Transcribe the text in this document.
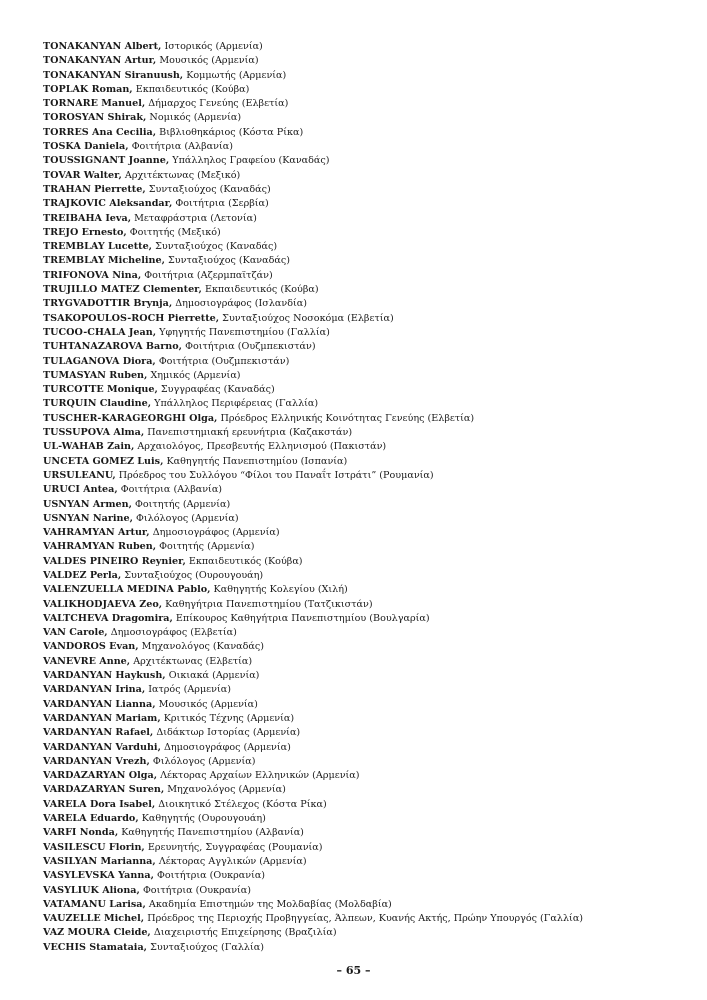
TONAKANYAN Albert, Ιστορικός (Αρμενία)
TONAKANYAN Artur, Μουσικός (Αρμενία)
TONAKANYAN Siranuush, Κομμωτής (Αρμενία)
TOPLAK Roman, Εκπαιδευτικός (Κούβα)
TORNARE Manuel, Δήμαρχος Γενεύης (Ελβετία)
TOROSYAN Shirak, Νομικός (Αρμενία)
TORRES Ana Cecilia, Βιβλιοθηκάριος (Κόστα Ρίκα)
TOSKA Daniela, Φοιτήτρια (Αλβανία)
TOUSSIGNANT Joanne, Υπάλληλος Γραφείου (Καναδάς)
TOVAR Walter, Αρχιτέκτωνας (Μεξικό)
TRAHAN Pierrette, Συνταξιούχος (Καναδάς)
TRAJKOVIC Aleksandar, Φοιτήτρια (Σερβία)
TREIBAHA Ieva, Μεταφράστρια (Λετονία)
TREJO Ernesto, Φοιτητής (Μεξικό)
TREMBLAY Lucette, Συνταξιούχος (Καναδάς)
TREMBLAY Micheline, Συνταξιούχος (Καναδάς)
TRIFONOVA Nina, Φοιτήτρια (Αζερμπαϊτζάν)
TRUJILLO MATEZ Clementer, Εκπαιδευτικός (Κούβα)
TRYGVADOTTIR Brynja, Δημοσιογράφος (Ισλανδία)
TSAKOPOULOS-ROCH Pierrette, Συνταξιούχος Νοσοκόμα (Ελβετία)
TUCOO-CHALA Jean, Υφηγητής Πανεπιστημίου (Γαλλία)
TUHTANAZAROVA Barno, Φοιτήτρια (Ουζμπεκιστάν)
TULAGANOVA Diora, Φοιτήτρια (Ουζμπεκιστάν)
TUMASYAN Ruben, Χημικός (Αρμενία)
TURCOTTE Monique, Συγγραφέας (Καναδάς)
TURQUIN Claudine, Υπάλληλος Περιφέρειας (Γαλλία)
TUSCHER-KARAGEORGHI Olga, Πρόεδρος Ελληνικής Κοινότητας Γενεύης (Ελβετία)
TUSSUPOVA Alma, Πανεπιστημιακή ερευνήτρια (Καζακστάν)
UL-WAHAB Zain, Αρχαιολόγος, Πρεσβευτής Ελληνισμού (Πακιστάν)
UNCETA GOMEZ Luis, Καθηγητής Πανεπιστημίου (Ισπανία)
URSULEANU, Πρόεδρος του Συλλόγου “Φίλοι του Παναΐτ Ιστράτι” (Ρουμανία)
URUCI Antea, Φοιτήτρια (Αλβανία)
USNYAN Armen, Φοιτητής (Αρμενία)
USNYAN Narine, Φιλόλογος (Αρμενία)
VAHRAMYAN Artur, Δημοσιογράφος (Αρμενία)
VAHRAMYAN Ruben, Φοιτητής (Αρμενία)
VALDES PINEIRO Reynier, Εκπαιδευτικός (Κούβα)
VALDEZ Perla, Συνταξιούχος (Ουρουγουάη)
VALENZUELLA MEDINA Pablo, Καθηγητής Κολεγίου (Χιλή)
VALIKHODJAEVA Zeo, Καθηγήτρια Πανεπιστημίου (Τατζικιστάν)
VALTCHEVA Dragomira, Επίκουρος Καθηγήτρια Πανεπιστημίου (Βουλγαρία)
VAN Carole, Δημοσιογράφος (Ελβετία)
VANDOROS Evan, Μηχανολόγος (Καναδάς)
VANEVRE Anne, Αρχιτέκτωνας (Ελβετία)
VARDANYAN Haykush, Οικιακά (Αρμενία)
VARDANYAN Irina, Ιατρός (Αρμενία)
VARDANYAN Lianna, Μουσικός (Αρμενία)
VARDANYAN Mariam, Κριτικός Τέχνης (Αρμενία)
VARDANYAN Rafael, Διδάκτωρ Ιστορίας (Αρμενία)
VARDANYAN Varduhi, Δημοσιογράφος (Αρμενία)
VARDANYAN Vrezh, Φιλόλογος (Αρμενία)
VARDAZARYAN Olga, Λέκτορας Αρχαίων Ελληνικών (Αρμενία)
VARDAZARYAN Suren, Μηχανολόγος (Αρμενία)
VARELA Dora Isabel, Διοικητικό Στέλεχος (Κόστα Ρίκα)
VARELA Eduardo, Καθηγητής (Ουρουγουάη)
VARFI Nonda, Καθηγητής Πανεπιστημίου (Αλβανία)
VASILESCU Florin, Ερευνητής, Συγγραφέας (Ρουμανία)
VASILYAN Marianna, Λέκτορας Αγγλικών (Αρμενία)
VASYLEVSKA Yanna, Φοιτήτρια (Ουκρανία)
VASYLIUK Aliona, Φοιτήτρια (Ουκρανία)
VATAMANU Larisa, Ακαδημία Επιστημών της Μολδαβίας (Μολδαβία)
VAUZELLE Michel, Πρόεδρος της Περιοχής Προβηγγείας, Άλπεων, Κυανής Ακτής, Πρώην Υπουργός (Γαλλία)
VAZ MOURA Cleide, Διαχειριστής Επιχείρησης (Βραζιλία)
VECHIS Stamataia, Συνταξιούχος (Γαλλία)
– 65 –
